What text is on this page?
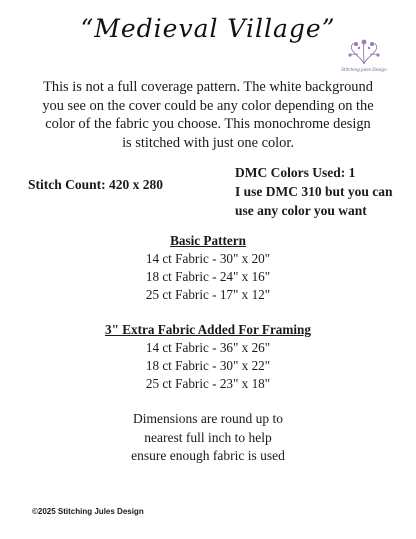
“Medieval Village”
Stitching Jules Design
This is not a full coverage pattern. The white background
you see on the cover could be any color depending on the
color of the fabric you choose. This monochrome design
is stitched with just one color.
Stitch Count: 420 x 280
DMC Colors Used: 1
I use DMC 310 but you can
use any color you want
Basic Pattern
14 ct Fabric - 30" x 20"
18 ct Fabric - 24" x 16"
25 ct Fabric - 17" x 12"
3" Extra Fabric Added For Framing
14 ct Fabric - 36" x 26"
18 ct Fabric - 30" x 22"
25 ct Fabric - 23" x 18"
Dimensions are round up to
nearest full inch to help
ensure enough fabric is used
©2025 Stitching Jules Design
